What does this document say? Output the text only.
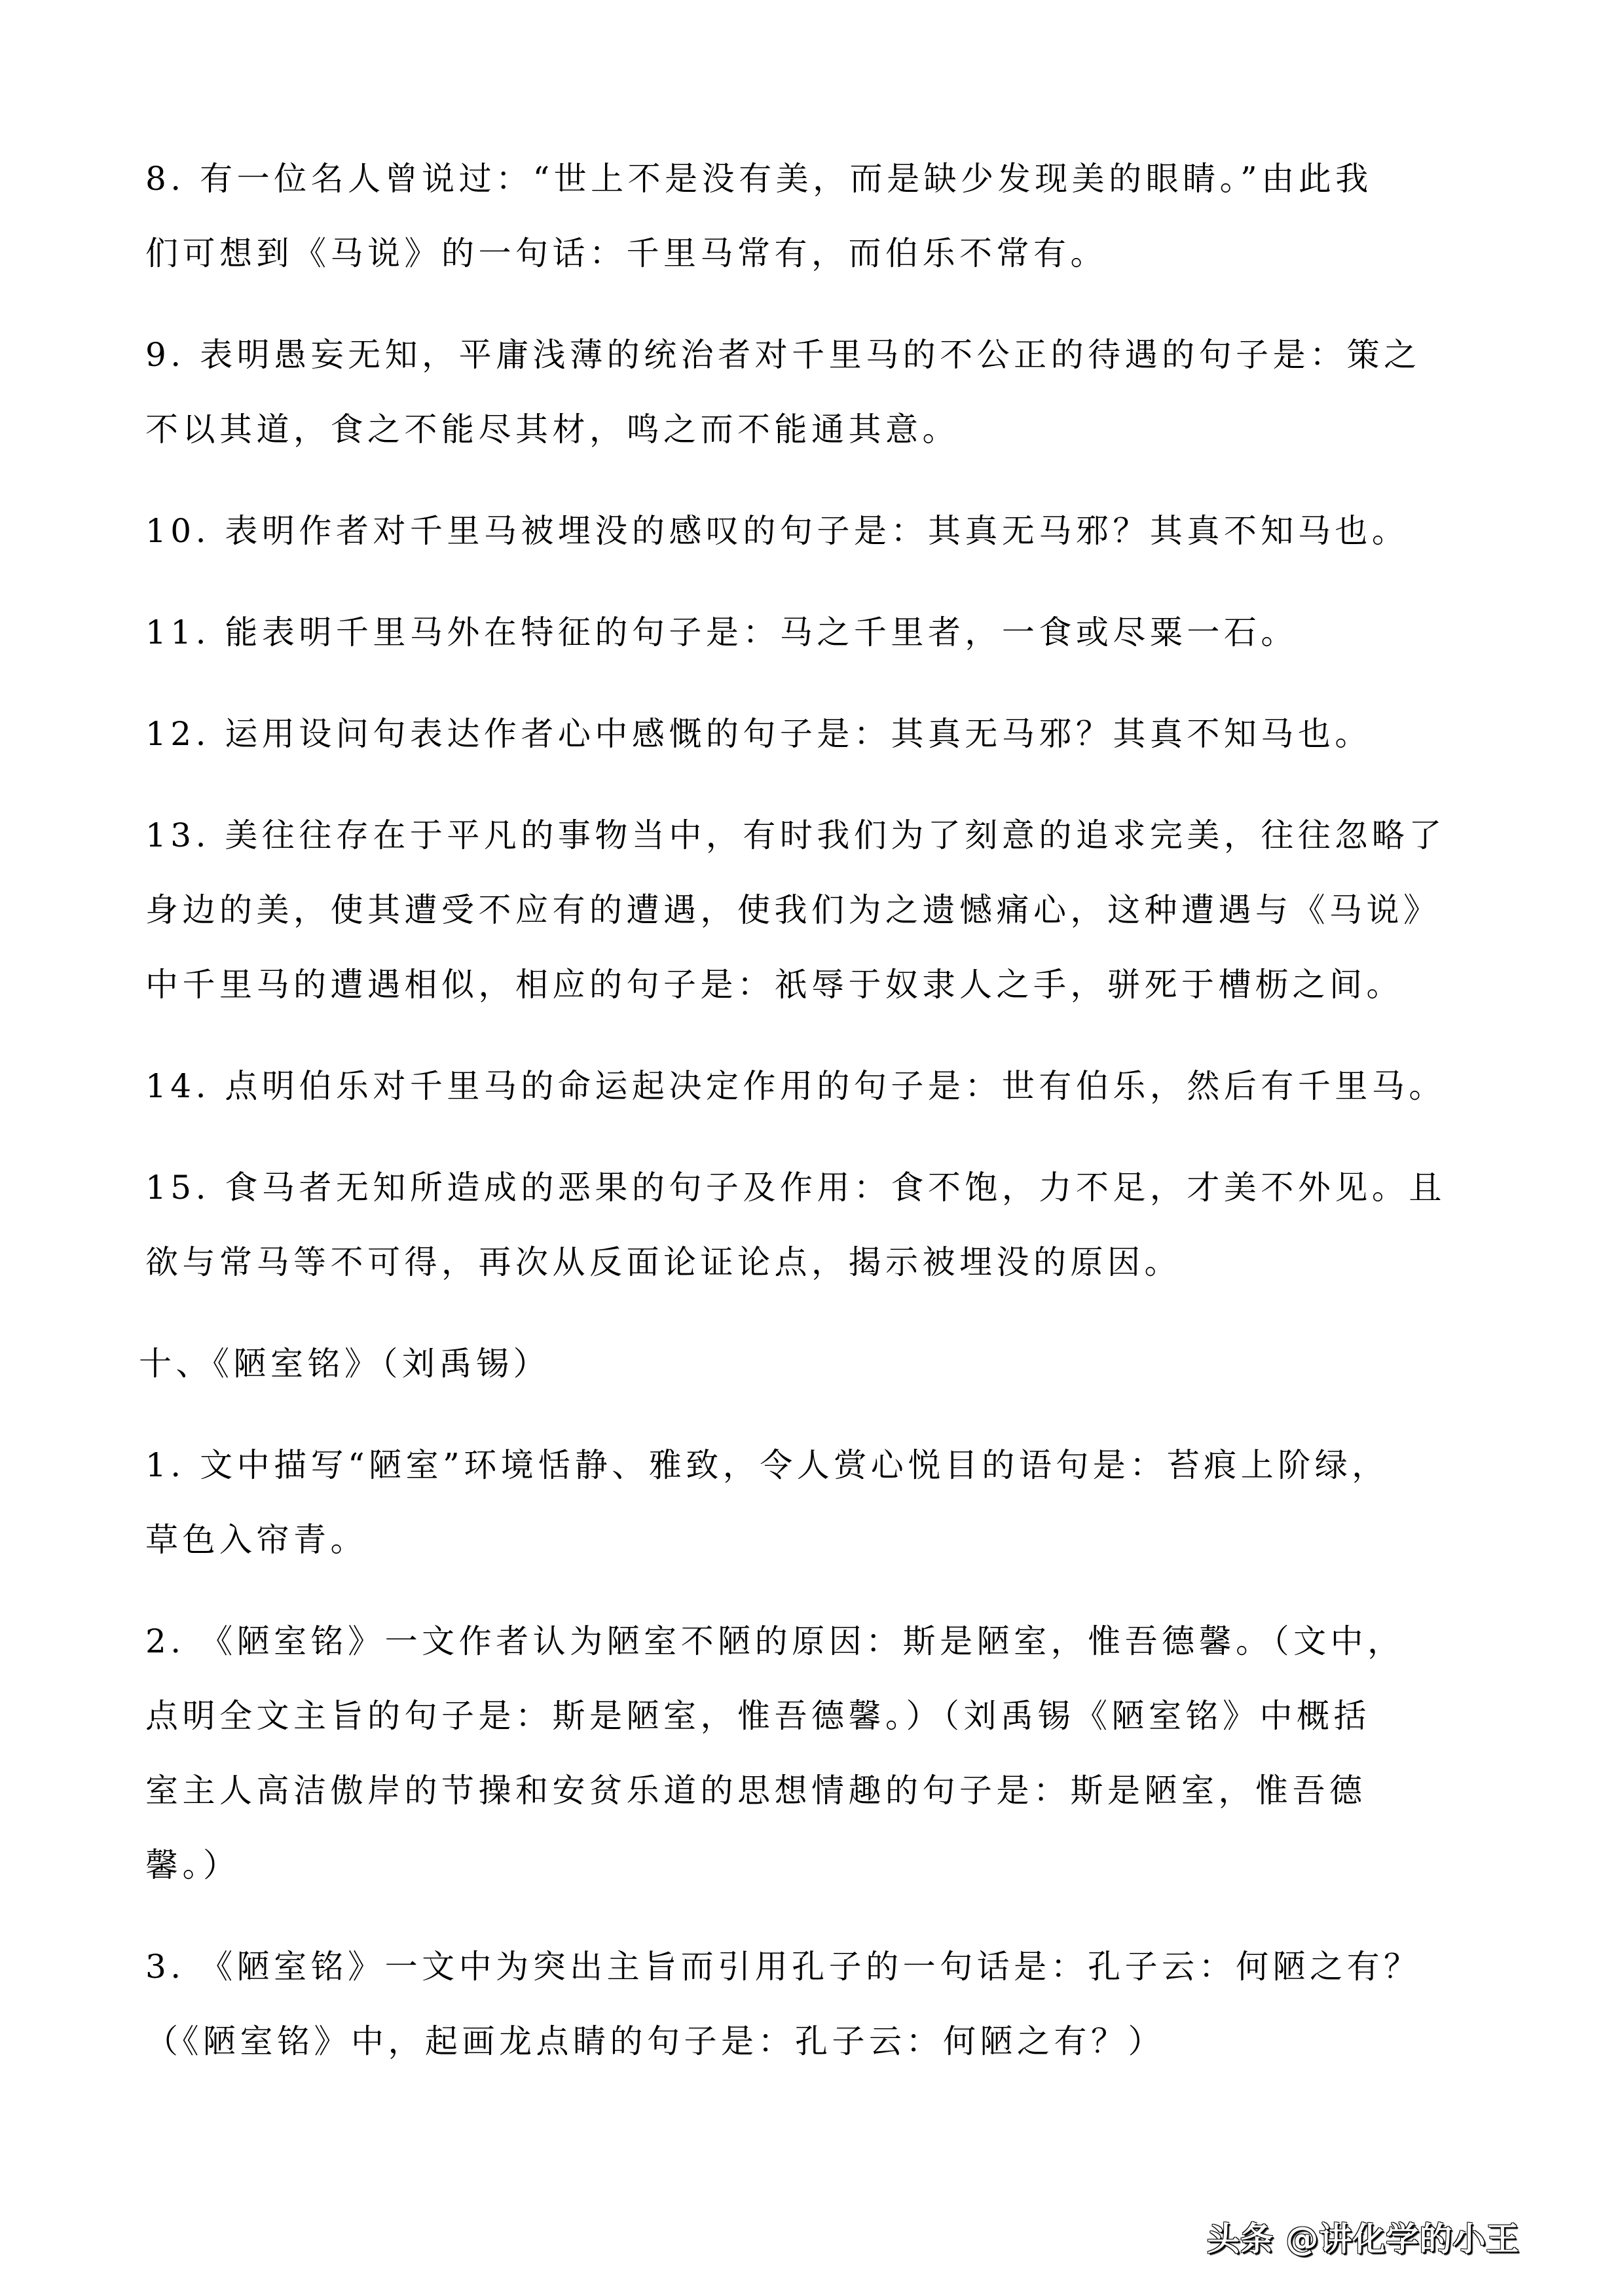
8. 有一位名人曾说过：“世上不是没有美，而是缺少发现美的眼睛。”由此我
们可想到《马说》的一句话：千里马常有，而伯乐不常有。
9. 表明愚妄无知，平庸浅薄的统治者对千里马的不公正的待遇的句子是：策之
不以其道，食之不能尽其材，鸣之而不能通其意。
10. 表明作者对千里马被埋没的感叹的句子是：其真无马邪？其真不知马也。
11. 能表明千里马外在特征的句子是：马之千里者，一食或尽粟一石。
12. 运用设问句表达作者心中感慨的句子是：其真无马邪？其真不知马也。
13. 美往往存在于平凡的事物当中，有时我们为了刻意的追求完美，往往忽略了
身边的美，使其遭受不应有的遭遇，使我们为之遗憾痛心，这种遭遇与《马说》
中千里马的遭遇相似，相应的句子是：祇辱于奴隶人之手，骈死于槽枥之间。
14. 点明伯乐对千里马的命运起决定作用的句子是：世有伯乐，然后有千里马。
15. 食马者无知所造成的恶果的句子及作用：食不饱，力不足，才美不外见。且
欲与常马等不可得，再次从反面论证论点，揭示被埋没的原因。
十、《陋室铭》（刘禹锡）
1. 文中描写“陋室”环境恬静、雅致，令人赏心悦目的语句是：苔痕上阶绿，
草色入帘青。
2. 《陋室铭》一文作者认为陋室不陋的原因：斯是陋室，惟吾德馨。（文中，
点明全文主旨的句子是：斯是陋室，惟吾德馨。）（刘禹锡《陋室铭》中概括
室主人高洁傲岸的节操和安贫乐道的思想情趣的句子是：斯是陋室，惟吾德
馨。）
3. 《陋室铭》一文中为突出主旨而引用孔子的一句话是：孔子云：何陋之有？
（《陋室铭》中，起画龙点睛的句子是：孔子云：何陋之有？）
头条 @讲化学的小王
